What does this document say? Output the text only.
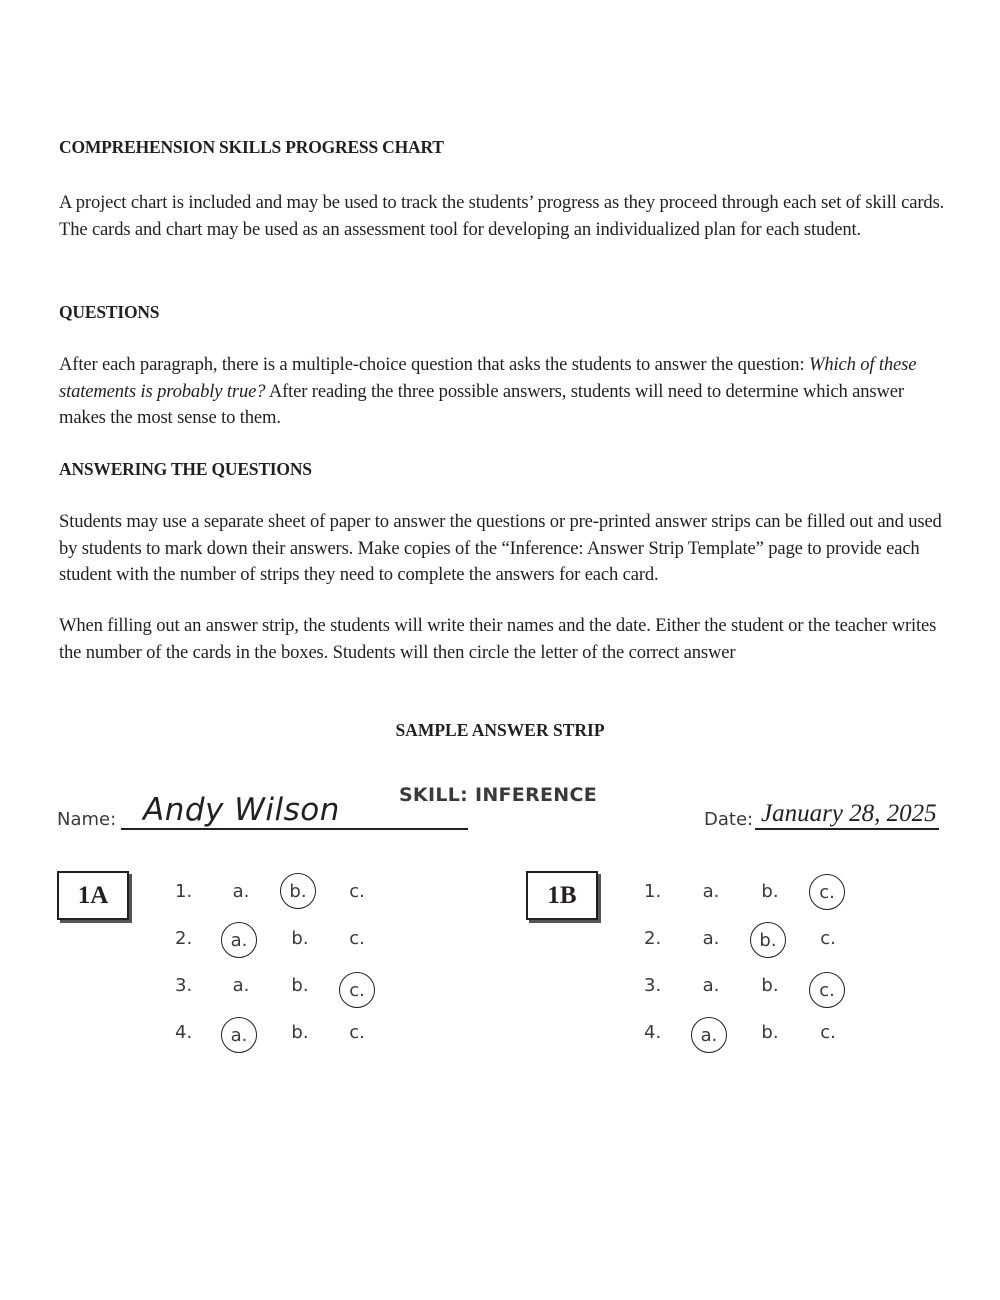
COMPREHENSION SKILLS PROGRESS CHART
A project chart is included and may be used to track the students’ progress as they proceed through each set of skill cards. The cards and chart may be used as an assessment tool for developing an individualized plan for each student.
QUESTIONS
After each paragraph, there is a multiple-choice question that asks the students to answer the question: Which of these statements is probably true? After reading the three possible answers, students will need to determine which answer makes the most sense to them.
ANSWERING THE QUESTIONS
Students may use a separate sheet of paper to answer the questions or pre-printed answer strips can be filled out and used by students to mark down their answers. Make copies of the “Inference: Answer Strip Template” page to provide each student with the number of strips they need to complete the answers for each card.
When filling out an answer strip, the students will write their names and the date. Either the student or the teacher writes the number of the cards in the boxes. Students will then circle the letter of the correct answer
SAMPLE ANSWER STRIP
SKILL: INFERENCE
Name: Andy Wilson	Date: January 28, 2025
1A	1.	a.	b.	c.
2.	a.	b.	c.
3.	a.	b.	c.
4.	a.	b.	c.
1B	1.	a.	b.	c.
2.	a.	b.	c.
3.	a.	b.	c.
4.	a.	b.	c.
